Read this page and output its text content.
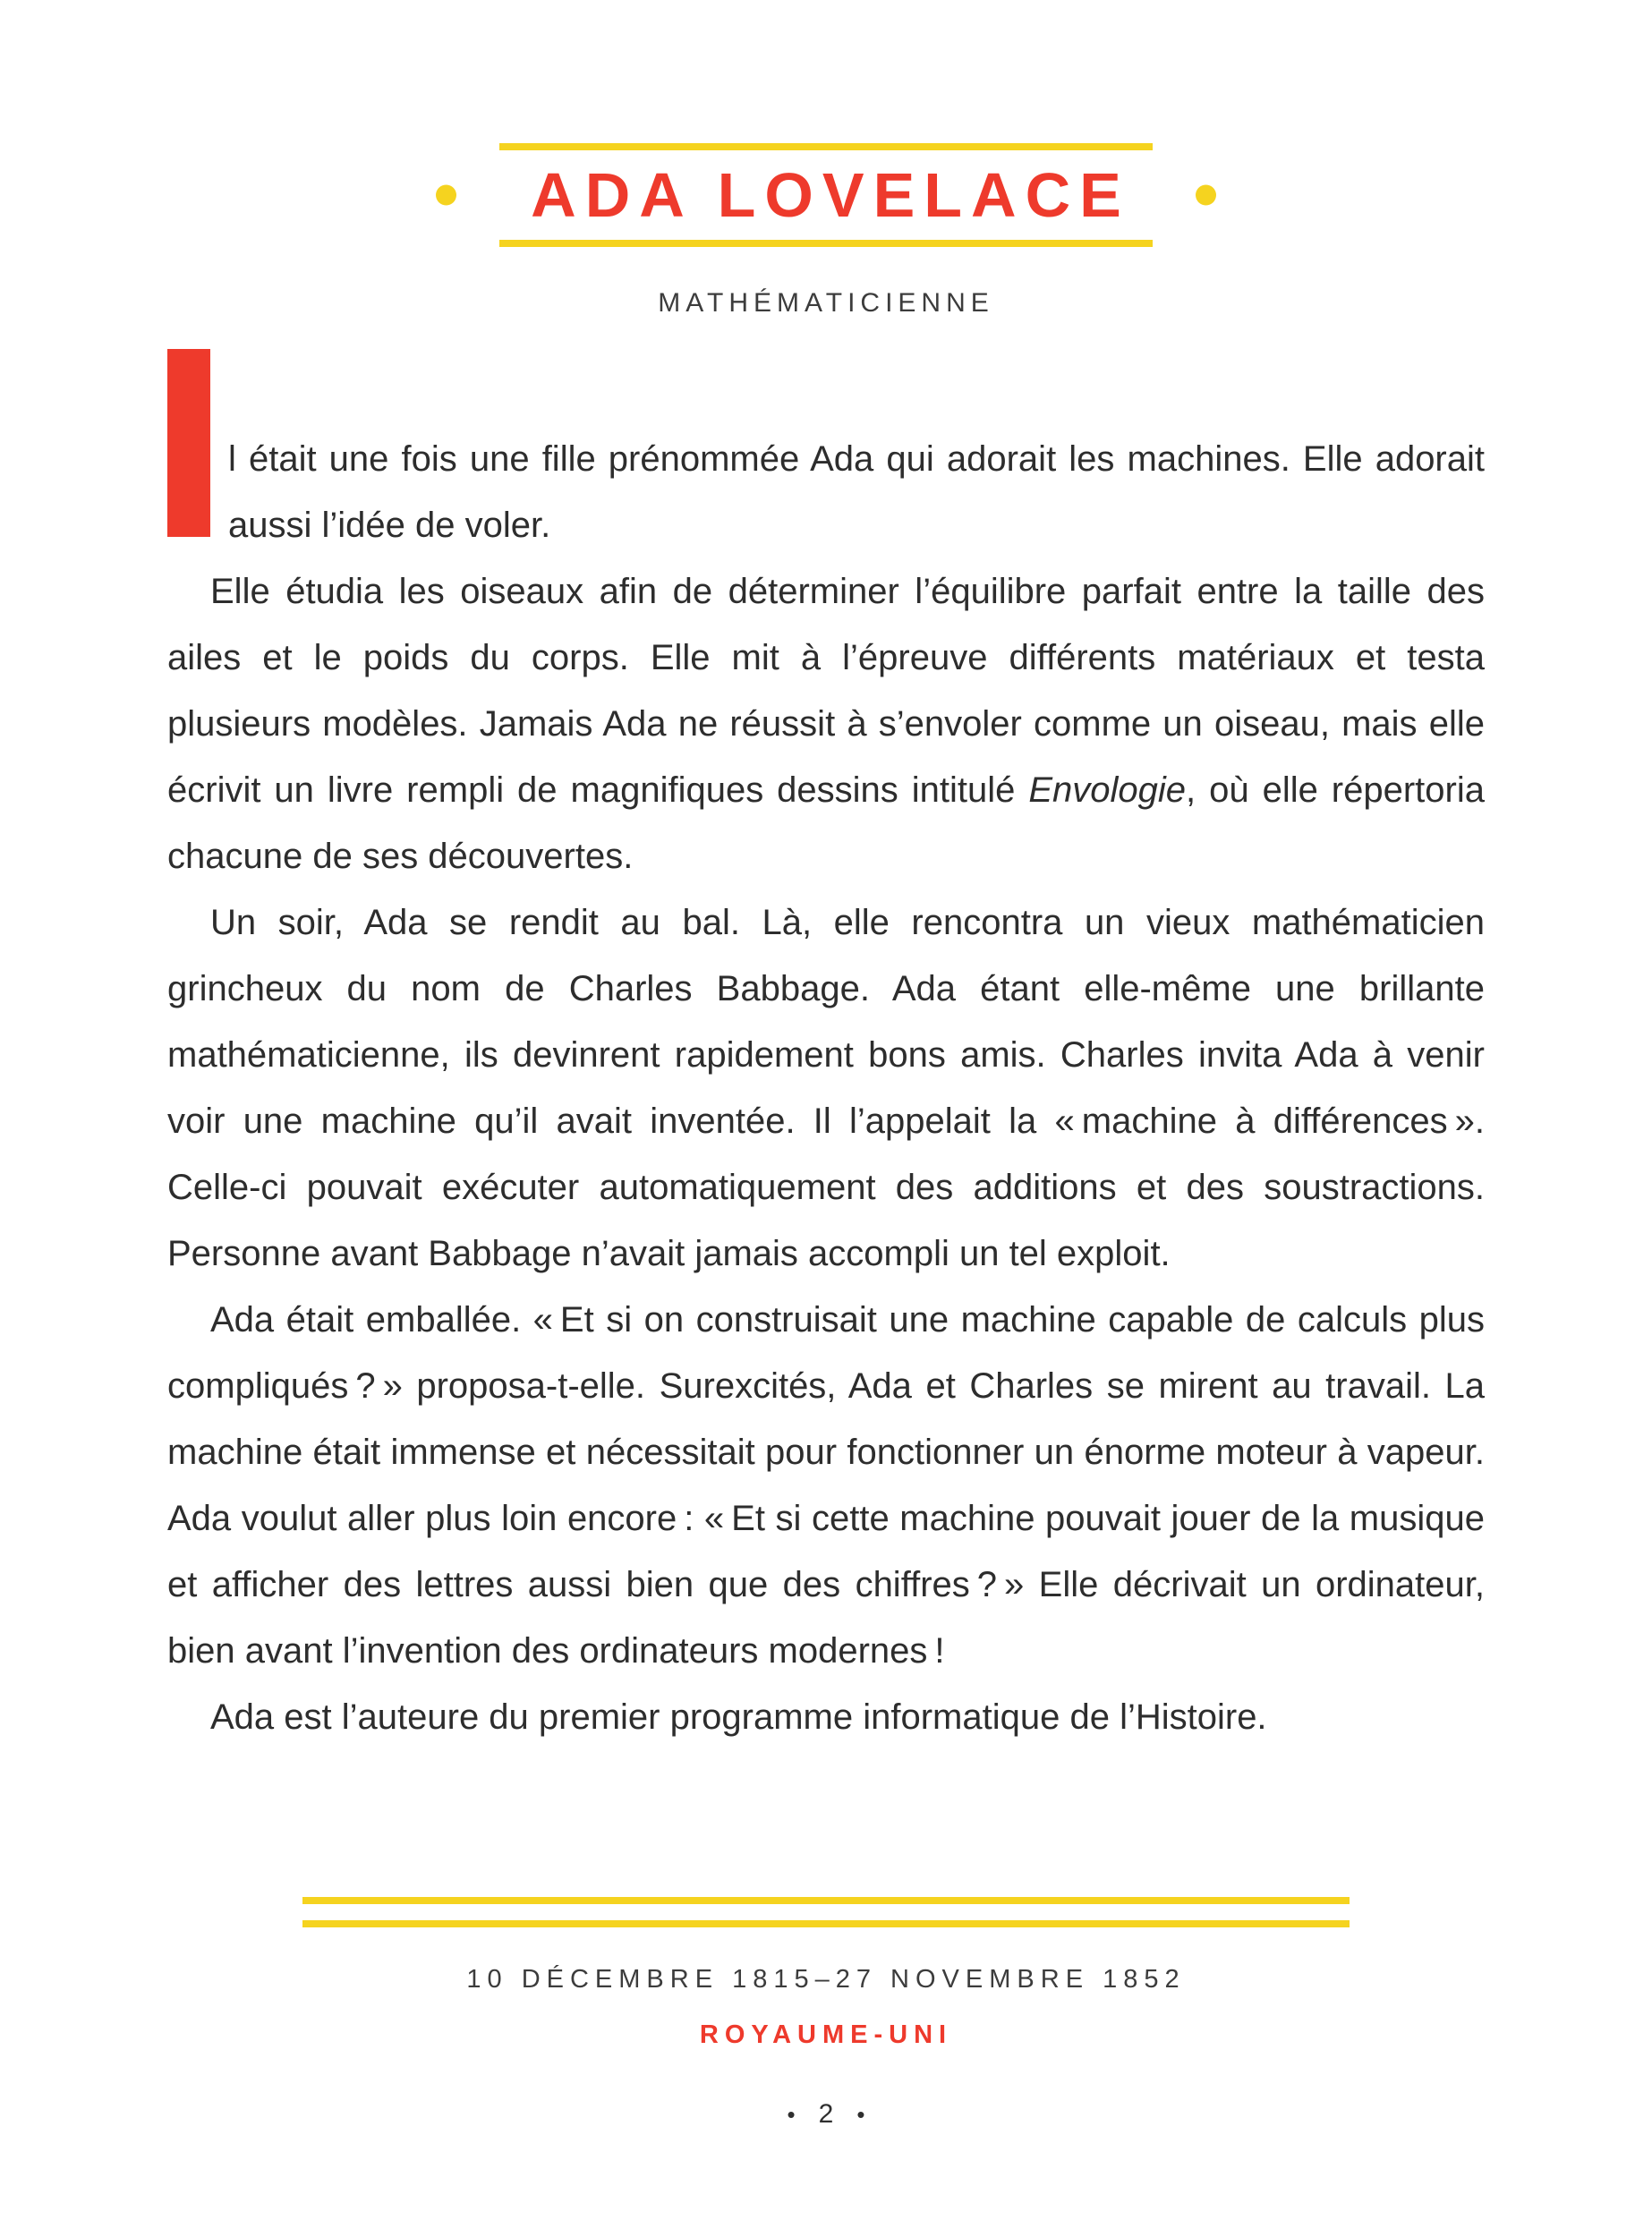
ADA LOVELACE
MATHÉMATICIENNE

l était une fois une fille prénommée Ada qui adorait les machines. Elle adorait aussi l’idée de voler.

Elle étudia les oiseaux afin de déterminer l’équilibre parfait entre la taille des ailes et le poids du corps. Elle mit à l’épreuve différents matériaux et testa plusieurs modèles. Jamais Ada ne réussit à s’envoler comme un oiseau, mais elle écrivit un livre rempli de magnifiques dessins intitulé Envologie, où elle répertoria chacune de ses découvertes.

Un soir, Ada se rendit au bal. Là, elle rencontra un vieux mathématicien grincheux du nom de Charles Babbage. Ada étant elle-même une brillante mathématicienne, ils devinrent rapidement bons amis. Charles invita Ada à venir voir une machine qu’il avait inventée. Il l’appelait la « machine à différences ». Celle-ci pouvait exécuter automatiquement des additions et des soustractions. Personne avant Babbage n’avait jamais accompli un tel exploit.

Ada était emballée. « Et si on construisait une machine capable de calculs plus compliqués ? » proposa-t-elle. Surexcités, Ada et Charles se mirent au travail. La machine était immense et nécessitait pour fonctionner un énorme moteur à vapeur. Ada voulut aller plus loin encore : « Et si cette machine pouvait jouer de la musique et afficher des lettres aussi bien que des chiffres ? » Elle décrivait un ordinateur, bien avant l’invention des ordinateurs modernes !

Ada est l’auteure du premier programme informatique de l’Histoire.

10 DÉCEMBRE 1815–27 NOVEMBRE 1852
ROYAUME-UNI
• 2 •
